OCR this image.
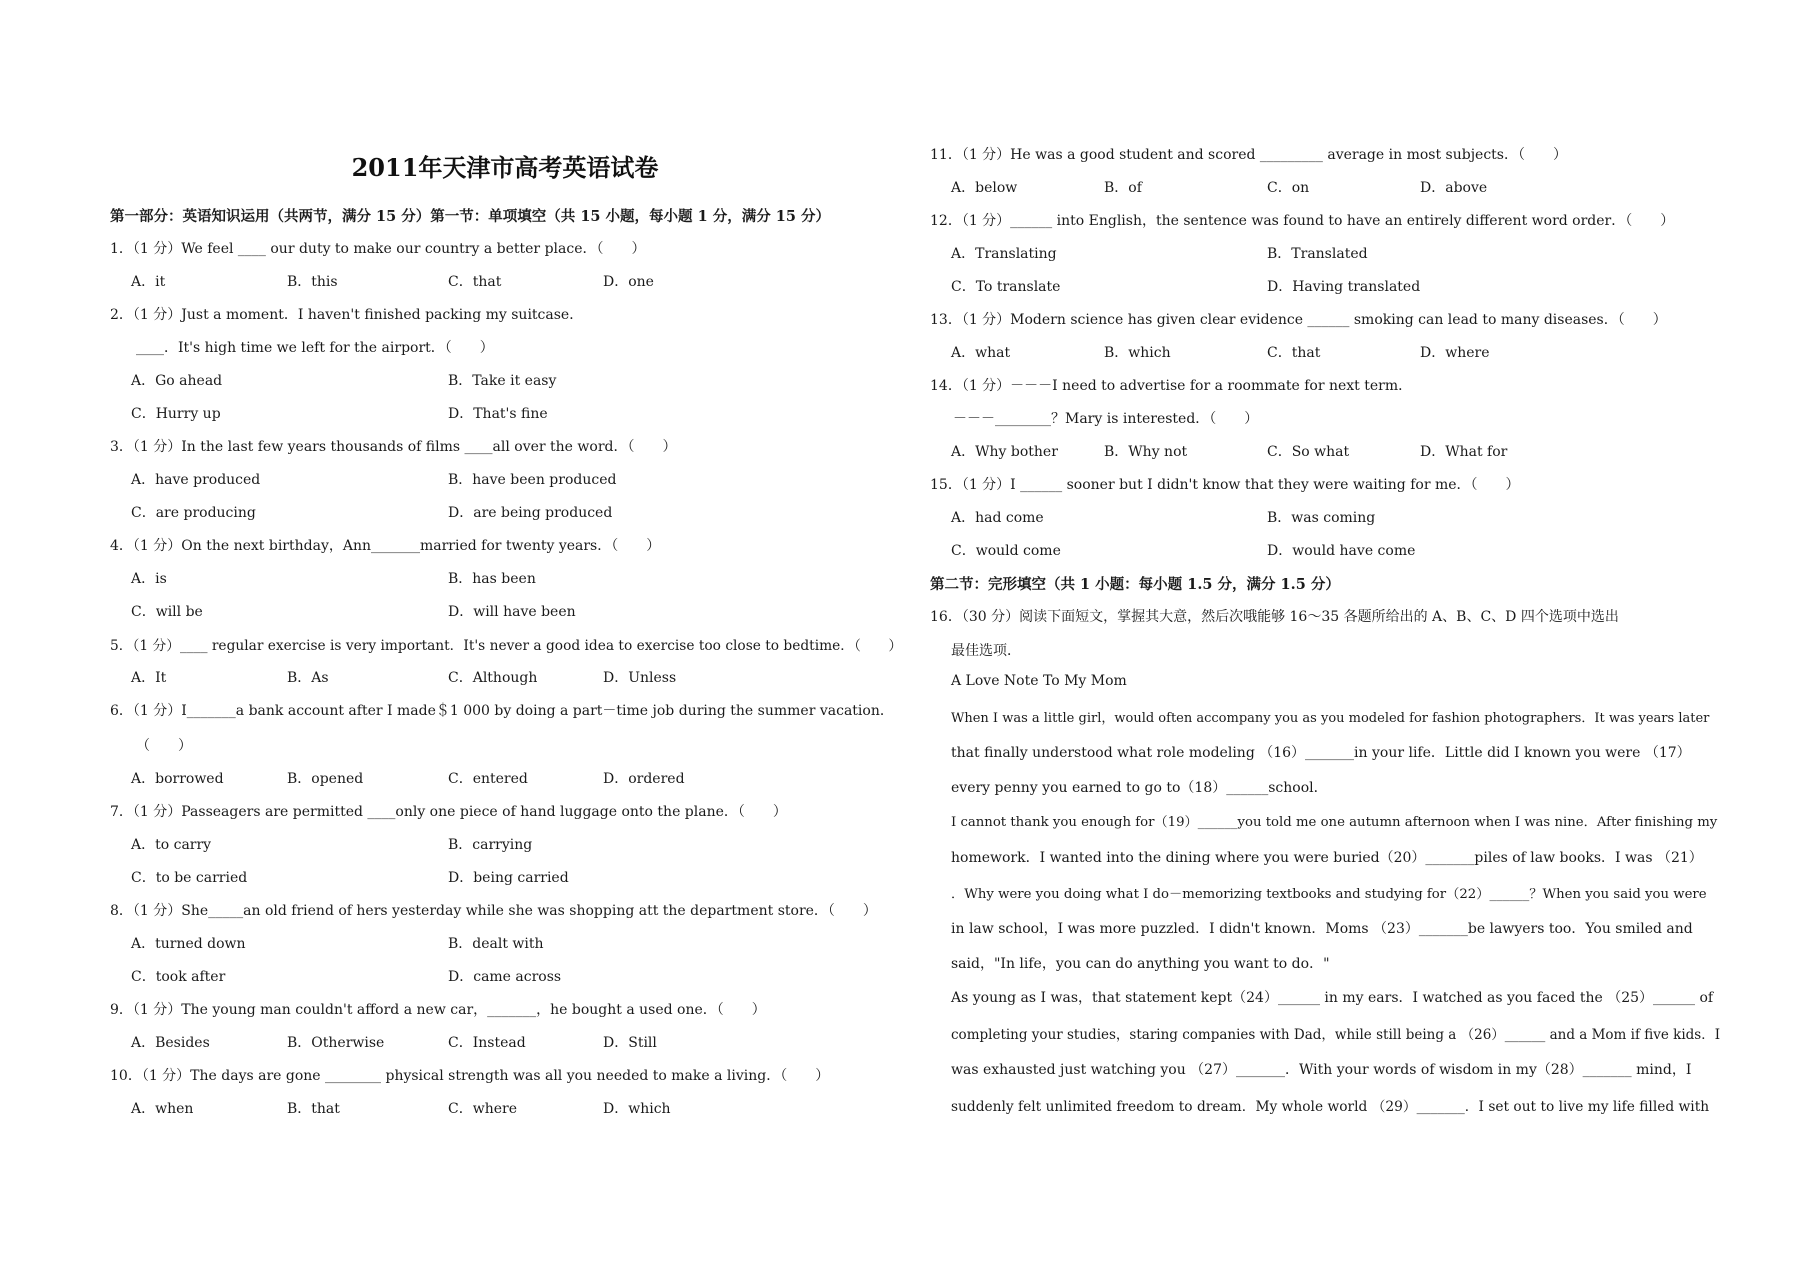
2011年天津市高考英语试卷
第一部分：英语知识运用（共两节，满分 15 分）第一节：单项填空（共 15 小题，每小题 1 分，满分 15 分）
1．（1 分）We feel ____ our duty to make our country a better place．（　　）
A．it	B．this	C．that	D．one
2．（1 分）Just a moment．I haven't finished packing my suitcase．
____．It's high time we left for the airport．（　　）
A．Go ahead	B．Take it easy
C．Hurry up	D．That's fine
3．（1 分）In the last few years thousands of films ____all over the word．（　　）
A．have produced	B．have been produced
C．are producing	D．are being produced
4．（1 分）On the next birthday，Ann_______married for twenty years．（　　）
A．is	B．has been
C．will be	D．will have been
5．（1 分）____ regular exercise is very important．It's never a good idea to exercise too close to bedtime．（　　）
A．It	B．As	C．Although	D．Unless
6．（1 分）I_______a bank account after I made＄1 000 by doing a part－time job during the summer vacation．
（　　）
A．borrowed	B．opened	C．entered	D．ordered
7．（1 分）Passeagers are permitted ____only one piece of hand luggage onto the plane．（　　）
A．to carry	B．carrying
C．to be carried	D．being carried
8．（1 分）She_____an old friend of hers yesterday while she was shopping att the department store．（　　）
A．turned down	B．dealt with
C．took after	D．came across
9．（1 分）The young man couldn't afford a new car，_______，he bought a used one．（　　）
A．Besides	B．Otherwise	C．Instead	D．Still
10．（1 分）The days are gone ________ physical strength was all you needed to make a living．（　　）
A．when	B．that	C．where	D．which
11．（1 分）He was a good student and scored _________ average in most subjects．（　　）
A．below	B．of	C．on	D．above
12．（1 分）______ into English，the sentence was found to have an entirely different word order．（　　）
A．Translating	B．Translated
C．To translate	D．Having translated
13．（1 分）Modern science has given clear evidence ______ smoking can lead to many diseases．（　　）
A．what	B．which	C．that	D．where
14．（1 分）－－－I need to advertise for a roommate for next term．
－－－________？Mary is interested．（　　）
A．Why bother	B．Why not	C．So what	D．What for
15．（1 分）I ______ sooner but I didn't know that they were waiting for me．（　　）
A．had come	B．was coming
C．would come	D．would have come
第二节：完形填空（共 1 小题：每小题 1.5 分，满分 1.5 分）
16．（30 分）阅读下面短文，掌握其大意，然后次哦能够 16～35 各题所给出的 A、B、C、D 四个选项中选出
最佳选项．
A Love Note To My Mom
When I was a little girl，would often accompany you as you modeled for fashion photographers．It was years later
that finally understood what role modeling （16）_______in your life．Little did I known you were （17）
every penny you earned to go to（18）______school．
I cannot thank you enough for（19）______you told me one autumn afternoon when I was nine．After finishing my
homework．I wanted into the dining where you were buried（20）_______piles of law books．I was （21）
．Why were you doing what I do－memorizing textbooks and studying for（22）______？When you said you were
in law school，I was more puzzled．I didn't known．Moms （23）_______be lawyers too．You smiled and
said，"In life，you can do anything you want to do．"
As young as I was，that statement kept（24）______ in my ears．I watched as you faced the （25）______ of
completing your studies，staring companies with Dad，while still being a （26）______ and a Mom if five kids．I
was exhausted just watching you （27）_______．With your words of wisdom in my（28）_______ mind，I
suddenly felt unlimited freedom to dream．My whole world （29）_______．I set out to live my life filled with
